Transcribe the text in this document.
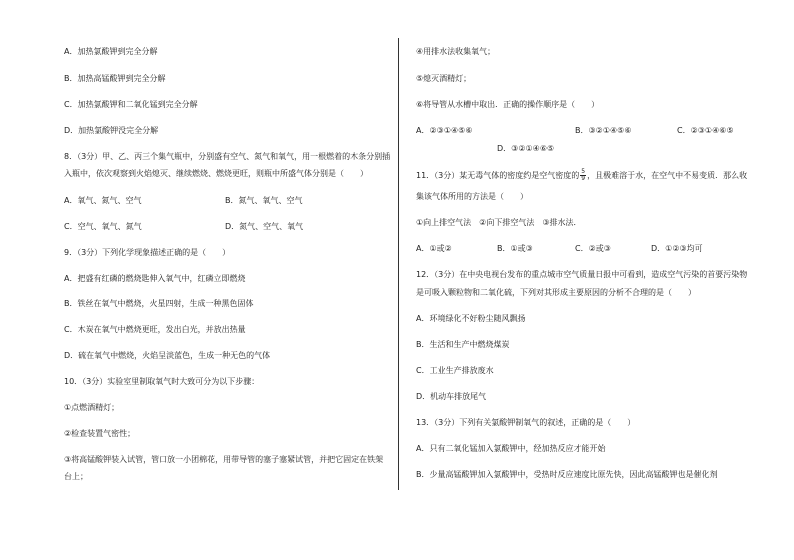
A．加热氯酸钾到完全分解
B．加热高锰酸钾到完全分解
C．加热氯酸钾和二氧化锰到完全分解
D．加热氯酸钾没完全分解
8．（3分）甲、乙、丙三个集气瓶中，分别盛有空气、氮气和氧气，用一根燃着的木条分别插
入瓶中，依次观察到火焰熄灭、继续燃烧、燃烧更旺，则瓶中所盛气体分别是（　　）
A．氧气、氮气、空气	B．氮气、氧气、空气
C．空气、氧气、氮气	D．氮气、空气、氧气
9．（3分）下列化学现象描述正确的是（　　）
A．把盛有红磷的燃烧匙伸入氧气中，红磷立即燃烧
B．铁丝在氧气中燃烧，火星四射，生成一种黑色固体
C．木炭在氧气中燃烧更旺，发出白光，并放出热量
D．硫在氧气中燃烧，火焰呈淡蓝色，生成一种无色的气体
10．（3分）实验室里制取氧气时大致可分为以下步骤：
①点燃酒精灯；
②检查装置气密性；
③将高锰酸钾装入试管，管口放一小团棉花，用带导管的塞子塞紧试管，并把它固定在铁架
台上；
④用排水法收集氧气；
⑤熄灭酒精灯；
⑥将导管从水槽中取出．正确的操作顺序是（　　）
A．②③①④⑤⑥	B．③②①④⑤⑥	C．②③①④⑥⑤
D．③②①④⑥⑤
11．（3分）某无毒气体的密度约是空气密度的 $\frac{5}{9}$ ，且极难溶于水，在空气中不易变质．那么收
集该气体所用的方法是（　　）
①向上排空气法　②向下排空气法　③排水法．
A．①或②	B．①或③	C．②或③	D．①②③均可
12．（3分）在中央电视台发布的重点城市空气质量日报中可看到，造成空气污染的首要污染物
是可吸入颗粒物和二氧化硫，下列对其形成主要原因的分析不合理的是（　　）
A．环境绿化不好粉尘随风飘扬
B．生活和生产中燃烧煤炭
C．工业生产排放废水
D．机动车排放尾气
13．（3分）下列有关氯酸钾制氧气的叙述，正确的是（　　）
A．只有二氧化锰加入氯酸钾中，经加热反应才能开始
B．少量高锰酸钾加入氯酸钾中，受热时反应速度比原先快，因此高锰酸钾也是催化剂
